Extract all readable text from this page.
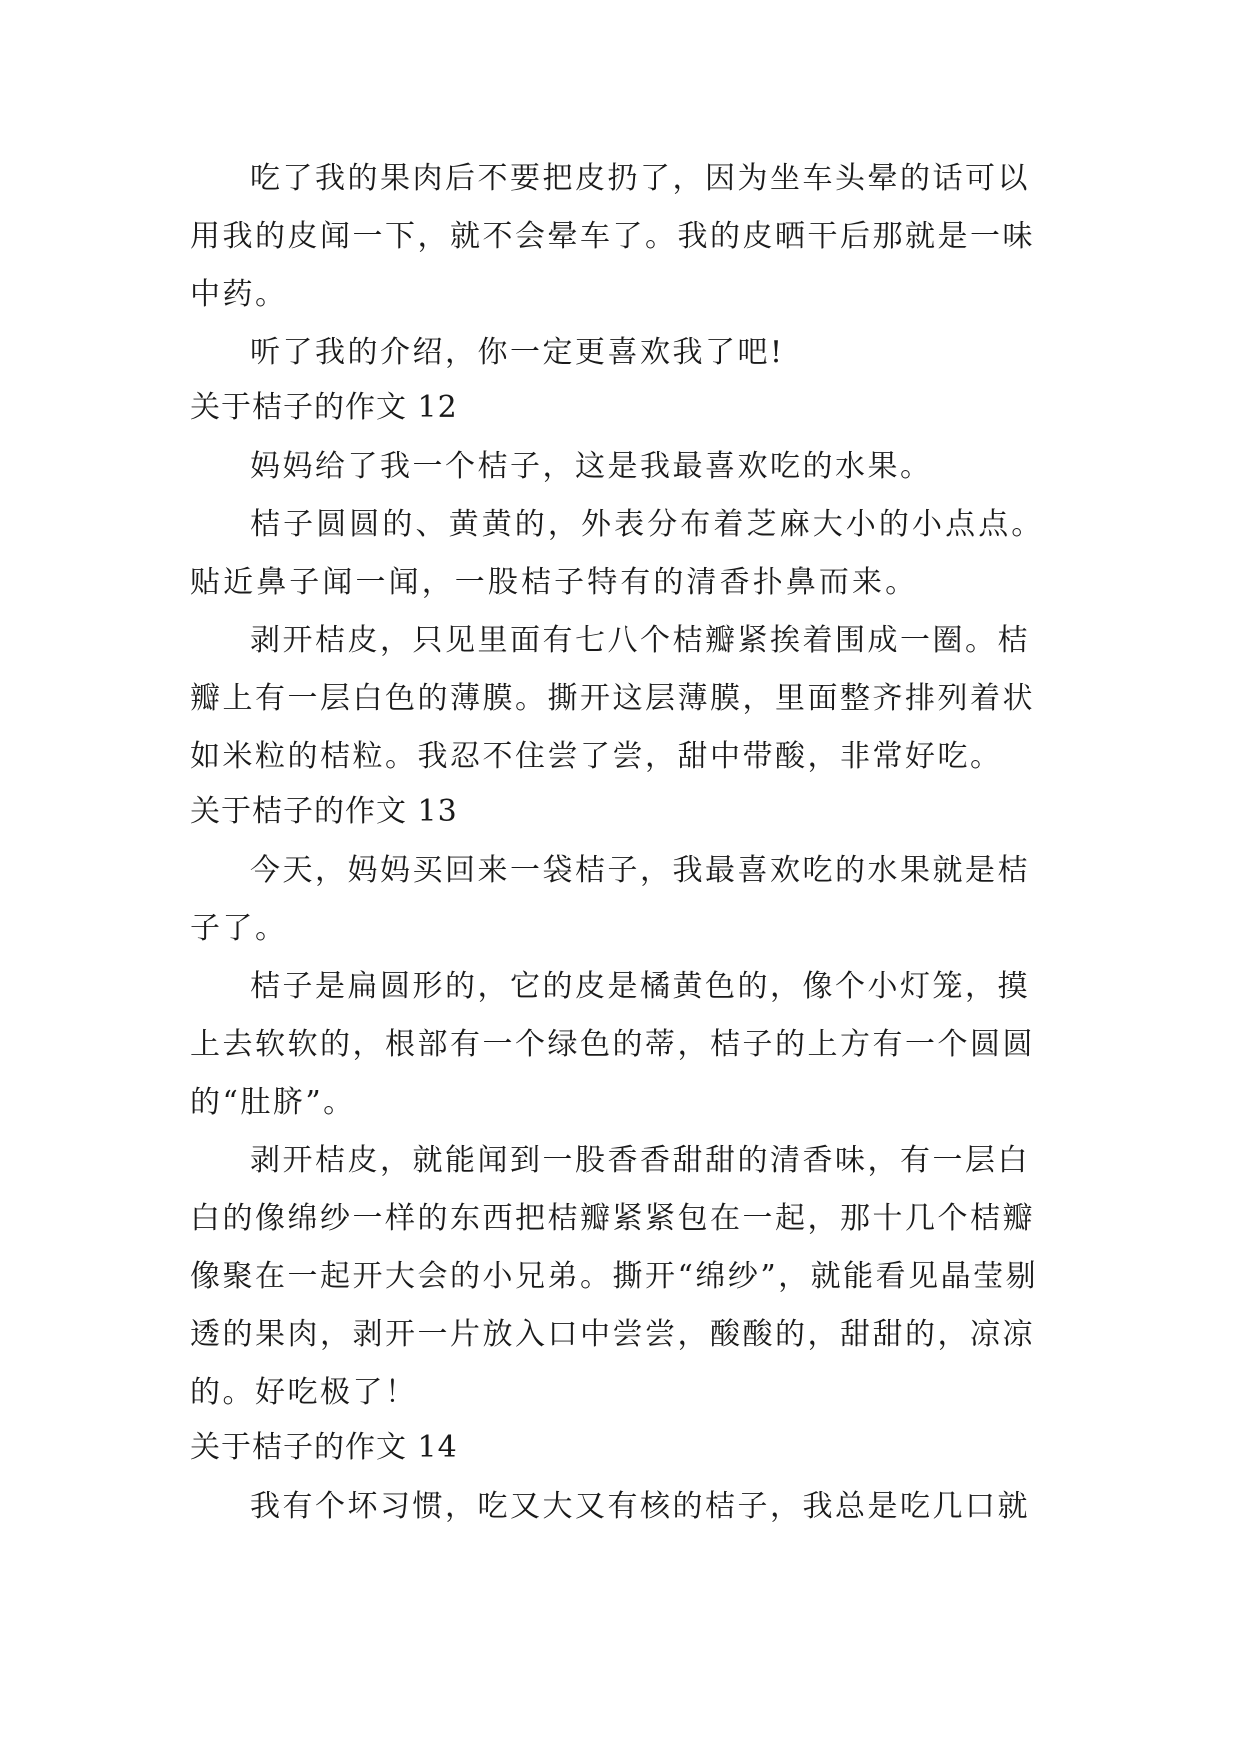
吃了我的果肉后不要把皮扔了，因为坐车头晕的话可以用我的皮闻一下，就不会晕车了。我的皮晒干后那就是一味中药。

听了我的介绍，你一定更喜欢我了吧!

关于桔子的作文 12

妈妈给了我一个桔子，这是我最喜欢吃的水果。

桔子圆圆的、黄黄的，外表分布着芝麻大小的小点点。贴近鼻子闻一闻，一股桔子特有的清香扑鼻而来。

剥开桔皮，只见里面有七八个桔瓣紧挨着围成一圈。桔瓣上有一层白色的薄膜。撕开这层薄膜，里面整齐排列着状如米粒的桔粒。我忍不住尝了尝，甜中带酸，非常好吃。

关于桔子的作文 13

今天，妈妈买回来一袋桔子，我最喜欢吃的水果就是桔子了。

桔子是扁圆形的，它的皮是橘黄色的，像个小灯笼，摸上去软软的，根部有一个绿色的蒂，桔子的上方有一个圆圆的“肚脐”。

剥开桔皮，就能闻到一股香香甜甜的清香味，有一层白白的像绵纱一样的东西把桔瓣紧紧包在一起，那十几个桔瓣像聚在一起开大会的小兄弟。撕开“绵纱”，就能看见晶莹剔透的果肉，剥开一片放入口中尝尝，酸酸的，甜甜的，凉凉的。好吃极了！

关于桔子的作文 14

我有个坏习惯，吃又大又有核的桔子，我总是吃几口就
